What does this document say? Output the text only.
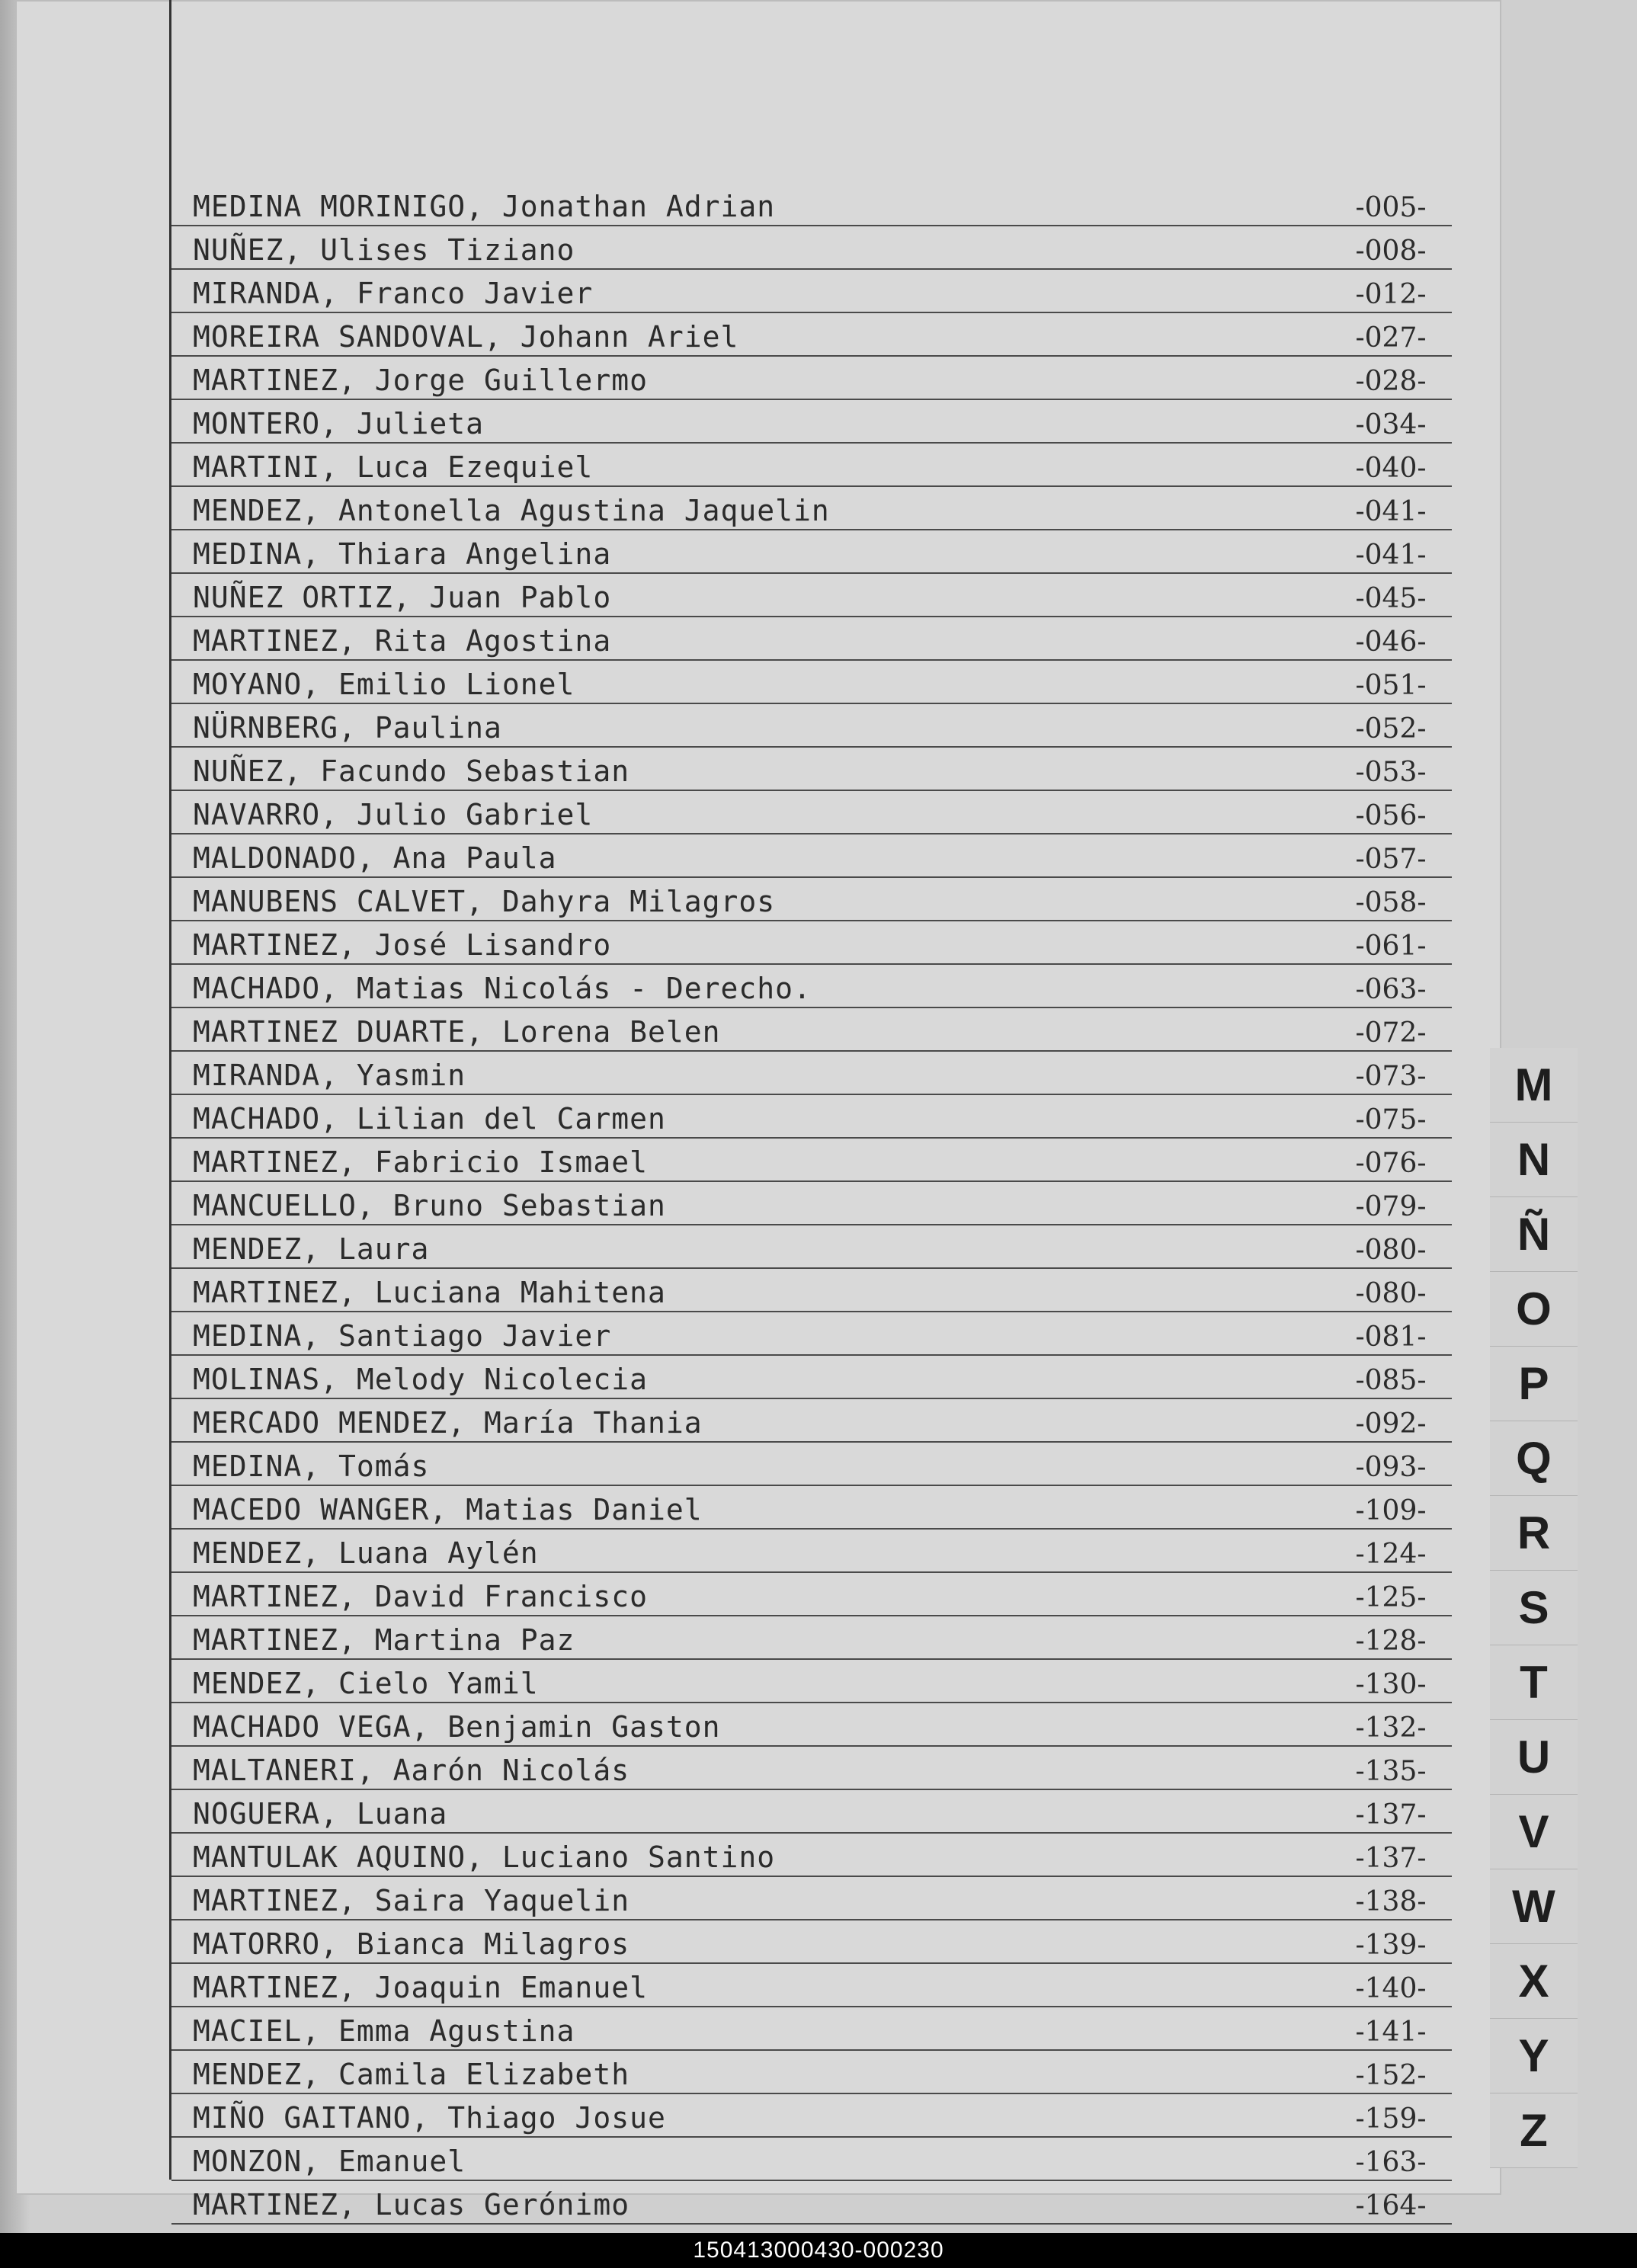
MEDINA MORINIGO, Jonathan Adrian	-005-
NUÑEZ, Ulises Tiziano	-008-
MIRANDA, Franco Javier	-012-
MOREIRA SANDOVAL, Johann Ariel	-027-
MARTINEZ, Jorge Guillermo	-028-
MONTERO, Julieta	-034-
MARTINI, Luca Ezequiel	-040-
MENDEZ, Antonella Agustina Jaquelin	-041-
MEDINA, Thiara Angelina	-041-
NUÑEZ ORTIZ, Juan Pablo	-045-
MARTINEZ, Rita Agostina	-046-
MOYANO, Emilio Lionel	-051-
NÜRNBERG, Paulina	-052-
NUÑEZ, Facundo Sebastian	-053-
NAVARRO, Julio Gabriel	-056-
MALDONADO, Ana Paula	-057-
MANUBENS CALVET, Dahyra Milagros	-058-
MARTINEZ, José Lisandro	-061-
MACHADO, Matias Nicolás - Derecho.	-063-
MARTINEZ DUARTE, Lorena Belen	-072-
MIRANDA, Yasmin	-073-
MACHADO, Lilian del Carmen	-075-
MARTINEZ, Fabricio Ismael	-076-
MANCUELLO, Bruno Sebastian	-079-
MENDEZ, Laura	-080-
MARTINEZ, Luciana Mahitena	-080-
MEDINA, Santiago Javier	-081-
MOLINAS, Melody Nicolecia	-085-
MERCADO MENDEZ, María Thania	-092-
MEDINA, Tomás	-093-
MACEDO WANGER, Matias Daniel	-109-
MENDEZ, Luana Aylén	-124-
MARTINEZ, David Francisco	-125-
MARTINEZ, Martina Paz	-128-
MENDEZ, Cielo Yamil	-130-
MACHADO VEGA, Benjamin Gaston	-132-
MALTANERI, Aarón Nicolás	-135-
NOGUERA, Luana	-137-
MANTULAK AQUINO, Luciano Santino	-137-
MARTINEZ, Saira Yaquelin	-138-
MATORRO, Bianca Milagros	-139-
MARTINEZ, Joaquin Emanuel	-140-
MACIEL, Emma Agustina	-141-
MENDEZ, Camila Elizabeth	-152-
MIÑO GAITANO, Thiago Josue	-159-
MONZON, Emanuel	-163-
MARTINEZ, Lucas Gerónimo	-164-
M
N
Ñ
O
P
Q
R
S
T
U
V
W
X
Y
Z
150413000430-000230
